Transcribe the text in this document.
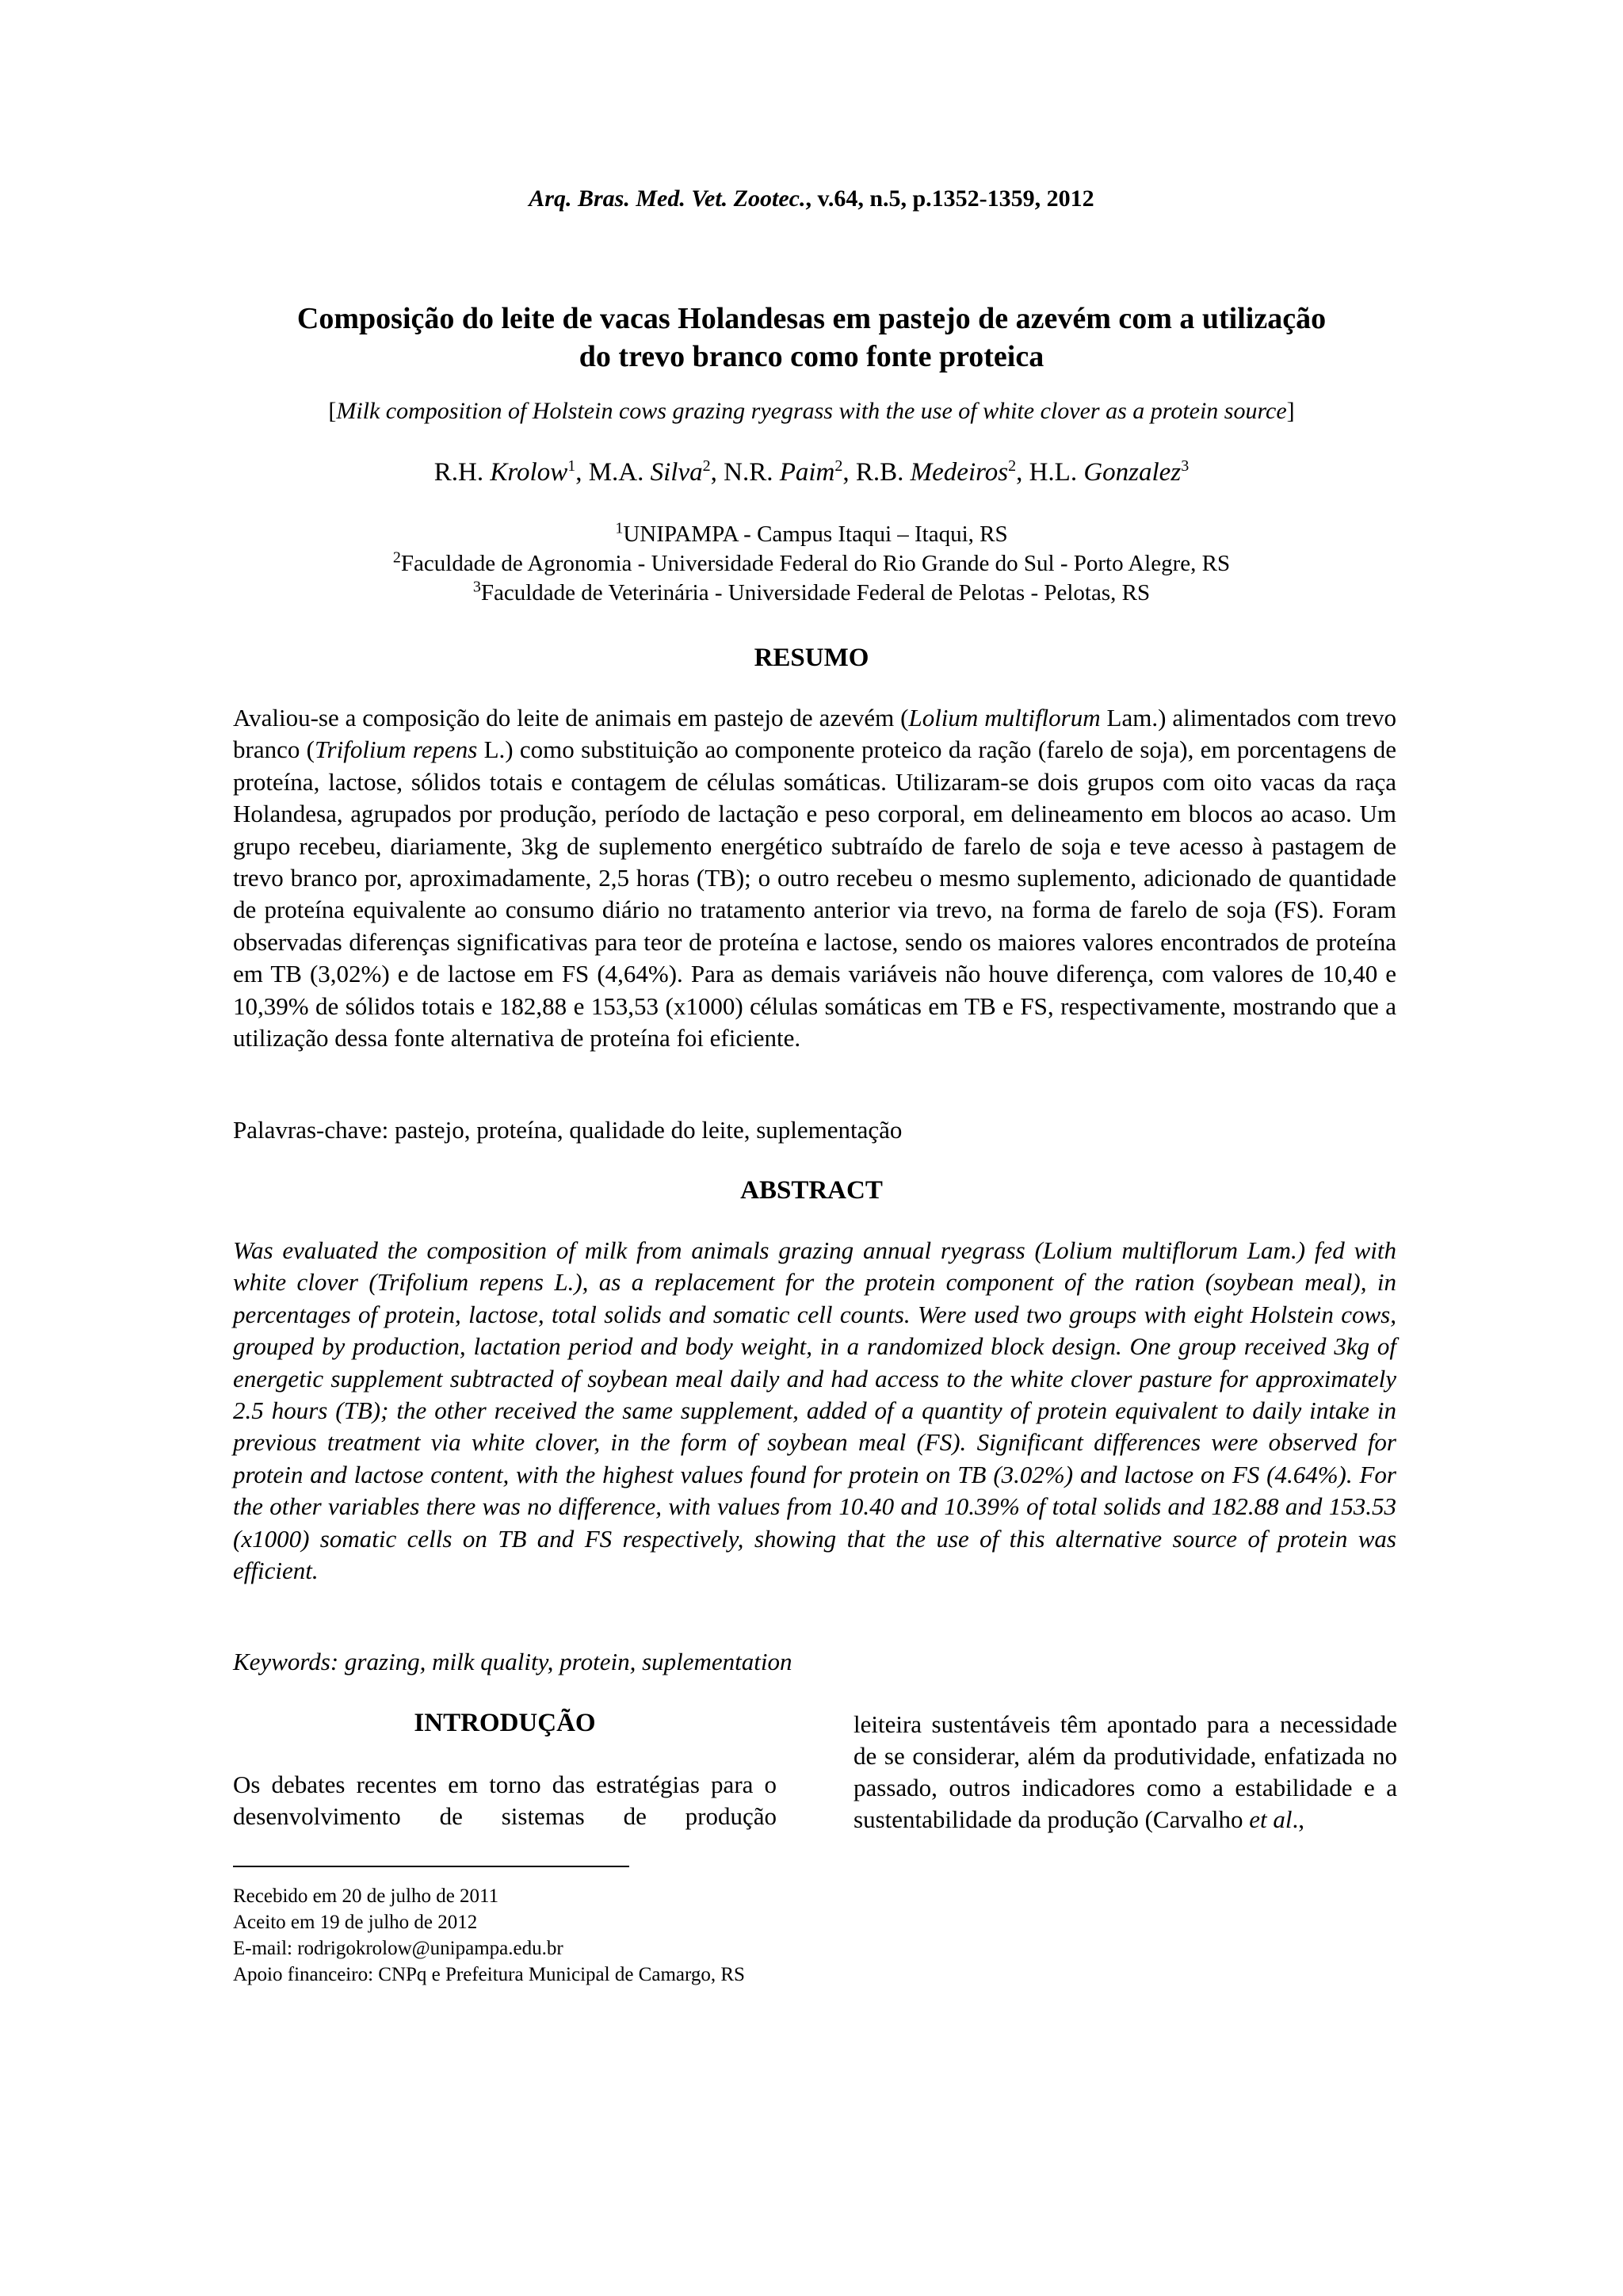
Arq. Bras. Med. Vet. Zootec., v.64, n.5, p.1352-1359, 2012
Composição do leite de vacas Holandesas em pastejo de azevém com a utilização
do trevo branco como fonte proteica
[Milk composition of Holstein cows grazing ryegrass with the use of white clover as a protein source]
R.H. Krolow$^1$, M.A. Silva$^2$, N.R. Paim$^2$, R.B. Medeiros$^2$, H.L. Gonzalez$^3$
$^1$UNIPAMPA - Campus Itaqui – Itaqui, RS
$^2$Faculdade de Agronomia - Universidade Federal do Rio Grande do Sul - Porto Alegre, RS
$^3$Faculdade de Veterinária - Universidade Federal de Pelotas - Pelotas, RS
RESUMO
Avaliou-se a composição do leite de animais em pastejo de azevém (Lolium multiflorum Lam.) alimentados com trevo branco (Trifolium repens L.) como substituição ao componente proteico da ração (farelo de soja), em porcentagens de proteína, lactose, sólidos totais e contagem de células somáticas. Utilizaram-se dois grupos com oito vacas da raça Holandesa, agrupados por produção, período de lactação e peso corporal, em delineamento em blocos ao acaso. Um grupo recebeu, diariamente, 3kg de suplemento energético subtraído de farelo de soja e teve acesso à pastagem de trevo branco por, aproximadamente, 2,5 horas (TB); o outro recebeu o mesmo suplemento, adicionado de quantidade de proteína equivalente ao consumo diário no tratamento anterior via trevo, na forma de farelo de soja (FS). Foram observadas diferenças significativas para teor de proteína e lactose, sendo os maiores valores encontrados de proteína em TB (3,02%) e de lactose em FS (4,64%). Para as demais variáveis não houve diferença, com valores de 10,40 e 10,39% de sólidos totais e 182,88 e 153,53 (x1000) células somáticas em TB e FS, respectivamente, mostrando que a utilização dessa fonte alternativa de proteína foi eficiente.
Palavras-chave: pastejo, proteína, qualidade do leite, suplementação
ABSTRACT
Was evaluated the composition of milk from animals grazing annual ryegrass (Lolium multiflorum Lam.) fed with white clover (Trifolium repens L.), as a replacement for the protein component of the ration (soybean meal), in percentages of protein, lactose, total solids and somatic cell counts. Were used two groups with eight Holstein cows, grouped by production, lactation period and body weight, in a randomized block design. One group received 3kg of energetic supplement subtracted of soybean meal daily and had access to the white clover pasture for approximately 2.5 hours (TB); the other received the same supplement, added of a quantity of protein equivalent to daily intake in previous treatment via white clover, in the form of soybean meal (FS). Significant differences were observed for protein and lactose content, with the highest values found for protein on TB (3.02%) and lactose on FS (4.64%). For the other variables there was no difference, with values from 10.40 and 10.39% of total solids and 182.88 and 153.53 (x1000) somatic cells on TB and FS respectively, showing that the use of this alternative source of protein was efficient.
Keywords: grazing, milk quality, protein, suplementation
INTRODUÇÃO
Os debates recentes em torno das estratégias para o desenvolvimento de sistemas de produção
leiteira sustentáveis têm apontado para a necessidade de se considerar, além da produtividade, enfatizada no passado, outros indicadores como a estabilidade e a sustentabilidade da produção (Carvalho et al.,
Recebido em 20 de julho de 2011
Aceito em 19 de julho de 2012
E-mail: rodrigokrolow@unipampa.edu.br
Apoio financeiro: CNPq e Prefeitura Municipal de Camargo, RS
